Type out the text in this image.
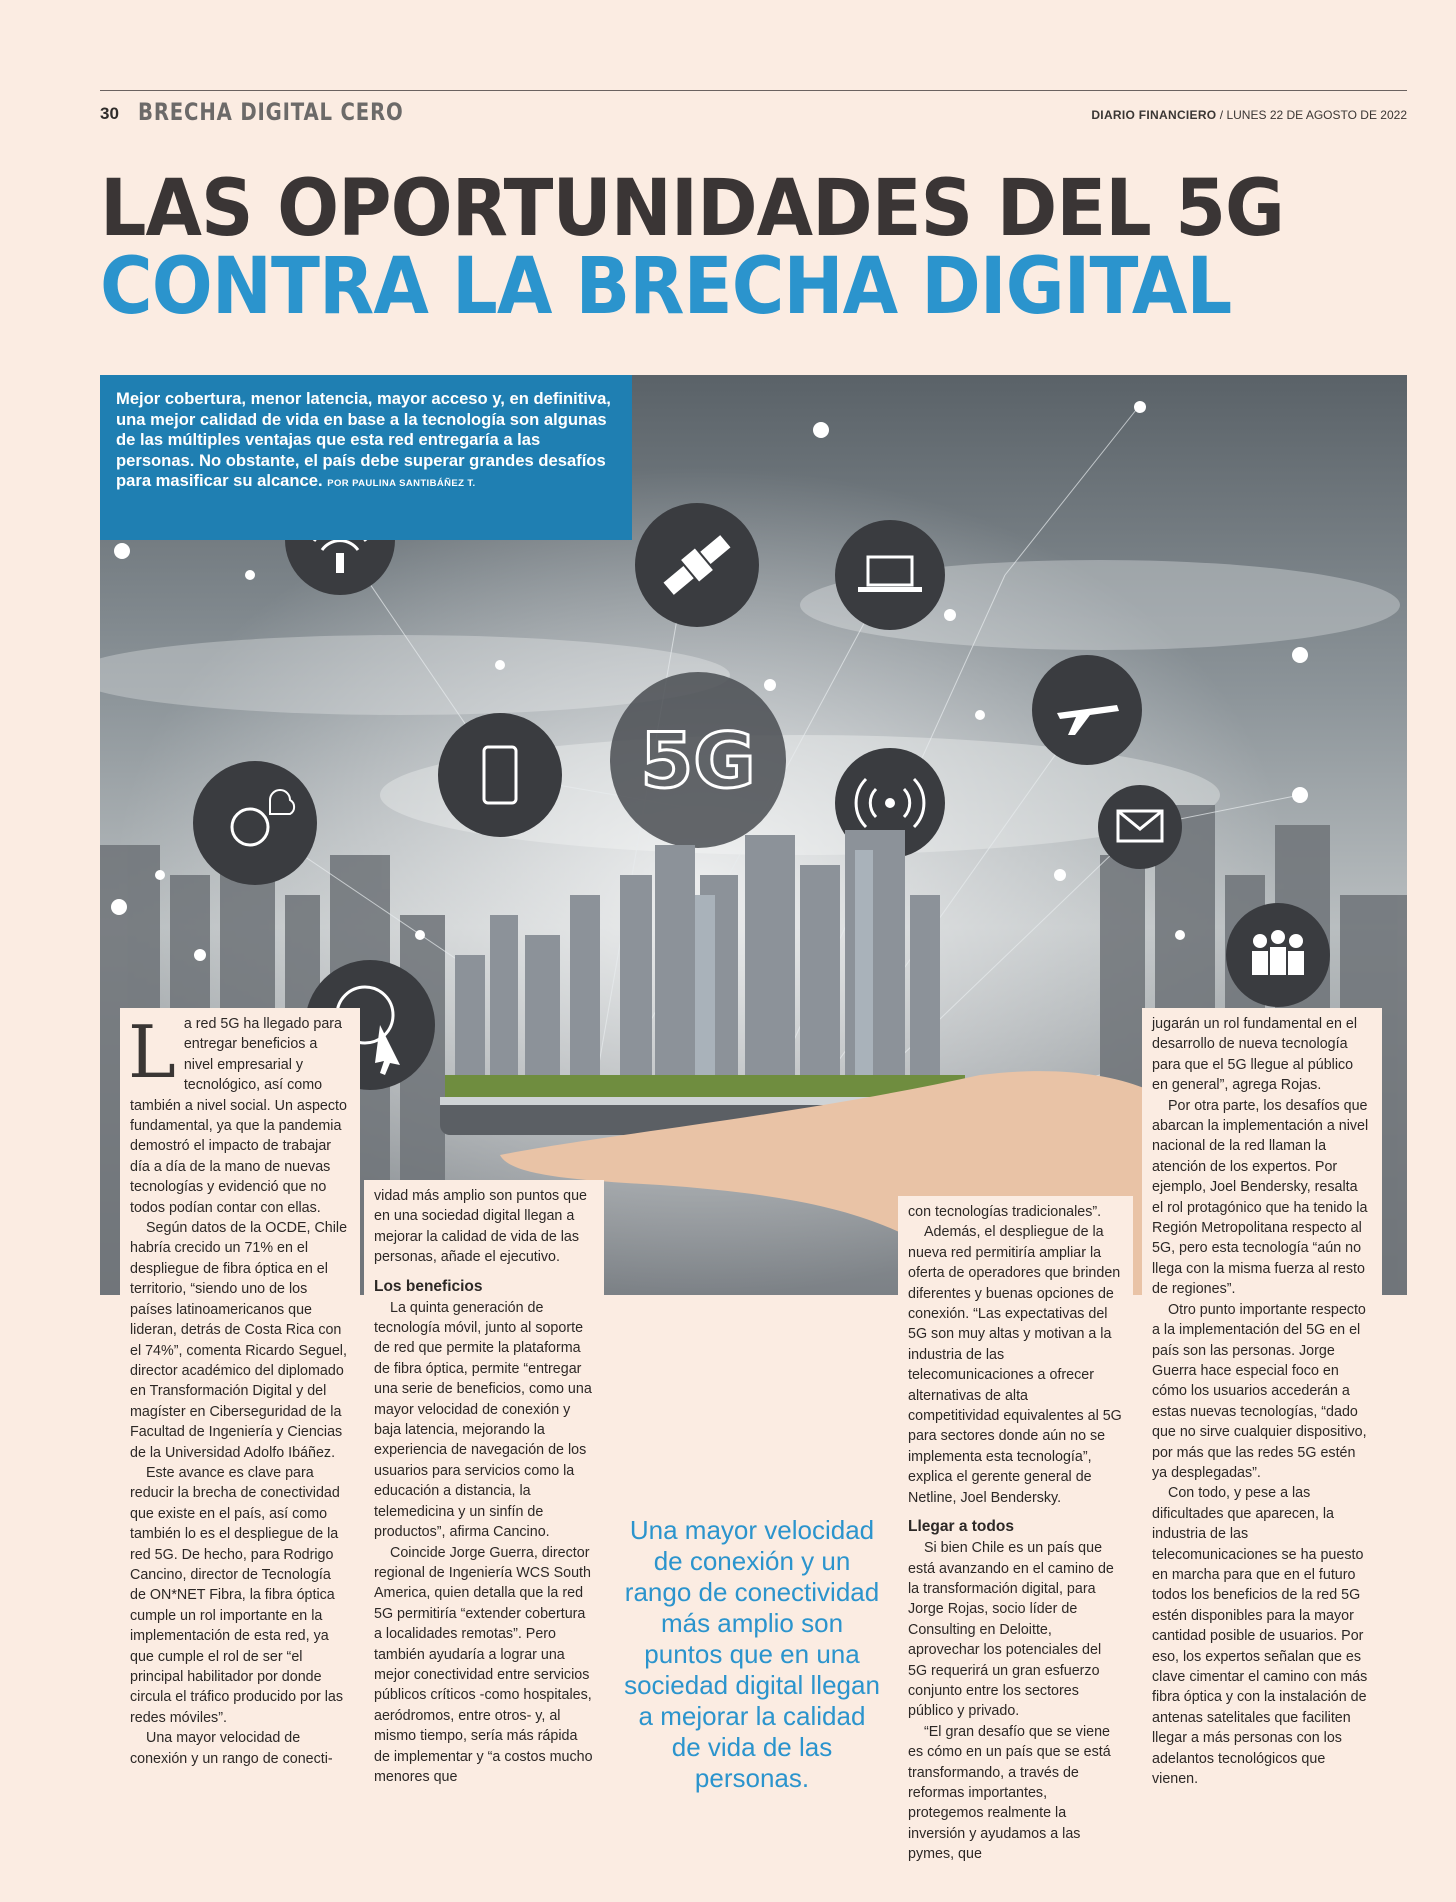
30 BRECHA DIGITAL CERO	DIARIO FINANCIERO / LUNES 22 DE AGOSTO DE 2022
LAS OPORTUNIDADES DEL 5G
CONTRA LA BRECHA DIGITAL
5G
Mejor cobertura, menor latencia, mayor acceso y, en definitiva, una mejor calidad de vida en base a la tecnología son algunas de las múltiples ventajas que esta red entregaría a las personas. No obstante, el país debe superar grandes desafíos para masificar su alcance. POR PAULINA SANTIBÁÑEZ T.
L a red 5G ha llegado para entregar beneficios a nivel empresarial y tecnológico, así como también a nivel social. Un aspecto fundamental, ya que la pandemia demostró el impacto de trabajar día a día de la mano de nuevas tecnologías y evidenció que no todos podían contar con ellas.

Según datos de la OCDE, Chile habría crecido un 71% en el despliegue de fibra óptica en el territorio, “siendo uno de los países latinoamericanos que lideran, detrás de Costa Rica con el 74%”, comenta Ricardo Seguel, director académico del diplomado en Transformación Digital y del magíster en Ciberseguridad de la Facultad de Ingeniería y Ciencias de la Universidad Adolfo Ibáñez.

Este avance es clave para reducir la brecha de conectividad que existe en el país, así como también lo es el despliegue de la red 5G. De hecho, para Rodrigo Cancino, director de Tecnología de ON*NET Fibra, la fibra óptica cumple un rol importante en la implementación de esta red, ya que cumple el rol de ser “el principal habilitador por donde circula el tráfico producido por las redes móviles”.

Una mayor velocidad de conexión y un rango de conecti-

vidad más amplio son puntos que en una sociedad digital llegan a mejorar la calidad de vida de las personas, añade el ejecutivo.

Los beneficios

La quinta generación de tecnología móvil, junto al soporte de red que permite la plataforma de fibra óptica, permite “entregar una serie de beneficios, como una mayor velocidad de conexión y baja latencia, mejorando la experiencia de navegación de los usuarios para servicios como la educación a distancia, la telemedicina y un sinfín de productos”, afirma Cancino.

Coincide Jorge Guerra, director regional de Ingeniería WCS South America, quien detalla que la red 5G permitiría “extender cobertura a localidades remotas”. Pero también ayudaría a lograr una mejor conectividad entre servicios públicos críticos -como hospitales, aeródromos, entre otros- y, al mismo tiempo, sería más rápida de implementar y “a costos mucho menores que

Una mayor velocidad de conexión y un rango de conectividad más amplio son puntos que en una sociedad digital llegan a mejorar la calidad de vida de las personas.

con tecnologías tradicionales”.

Además, el despliegue de la nueva red permitiría ampliar la oferta de operadores que brinden diferentes y buenas opciones de conexión. “Las expectativas del 5G son muy altas y motivan a la industria de las telecomunicaciones a ofrecer alternativas de alta competitividad equivalentes al 5G para sectores donde aún no se implementa esta tecnología”, explica el gerente general de Netline, Joel Bendersky.

Llegar a todos

Si bien Chile es un país que está avanzando en el camino de la transformación digital, para Jorge Rojas, socio líder de Consulting en Deloitte, aprovechar los potenciales del 5G requerirá un gran esfuerzo conjunto entre los sectores público y privado.

“El gran desafío que se viene es cómo en un país que se está transformando, a través de reformas importantes, protegemos realmente la inversión y ayudamos a las pymes, que

jugarán un rol fundamental en el desarrollo de nueva tecnología para que el 5G llegue al público en general”, agrega Rojas.

Por otra parte, los desafíos que abarcan la implementación a nivel nacional de la red llaman la atención de los expertos. Por ejemplo, Joel Bendersky, resalta el rol protagónico que ha tenido la Región Metropolitana respecto al 5G, pero esta tecnología “aún no llega con la misma fuerza al resto de regiones”.

Otro punto importante respecto a la implementación del 5G en el país son las personas. Jorge Guerra hace especial foco en cómo los usuarios accederán a estas nuevas tecnologías, “dado que no sirve cualquier dispositivo, por más que las redes 5G estén ya desplegadas”.

Con todo, y pese a las dificultades que aparecen, la industria de las telecomunicaciones se ha puesto en marcha para que en el futuro todos los beneficios de la red 5G estén disponibles para la mayor cantidad posible de usuarios. Por eso, los expertos señalan que es clave cimentar el camino con más fibra óptica y con la instalación de antenas satelitales que faciliten llegar a más personas con los adelantos tecnológicos que vienen.
